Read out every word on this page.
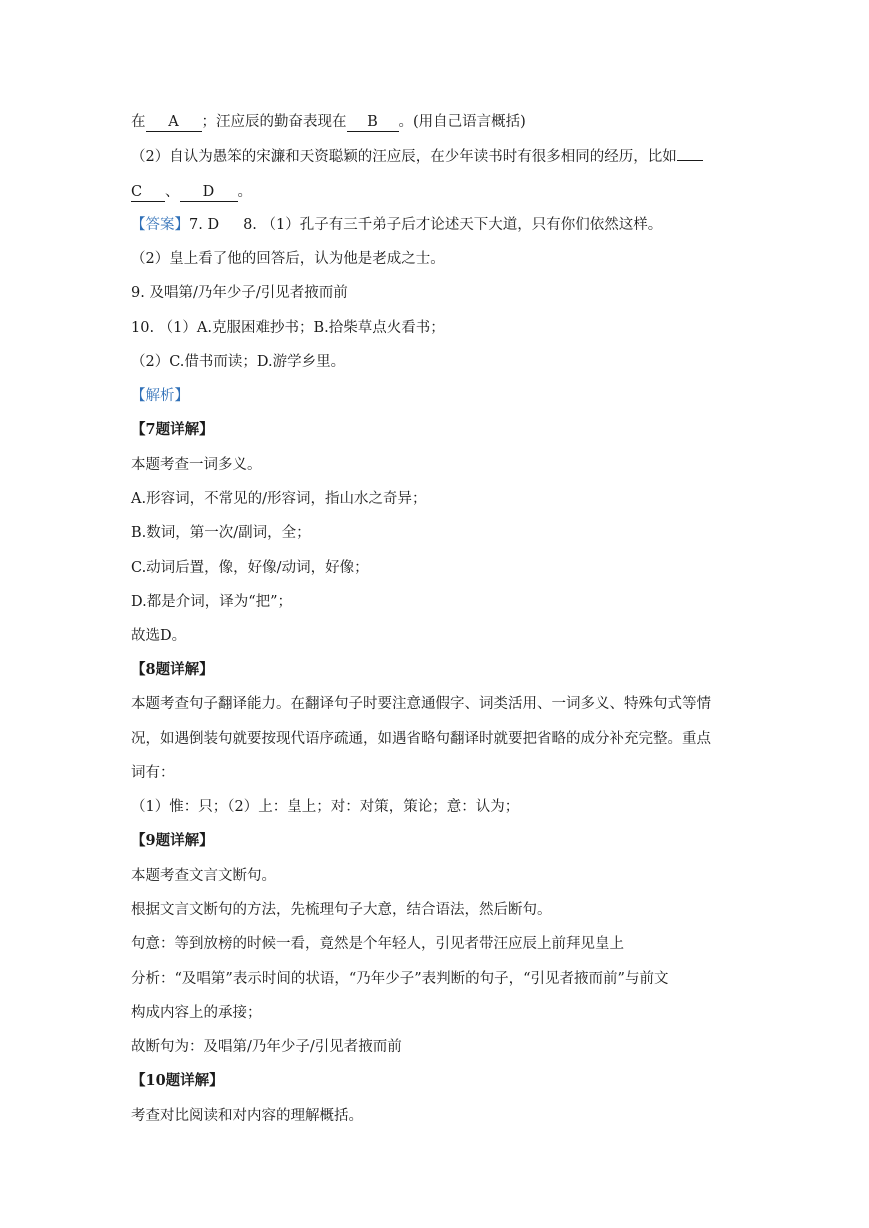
在 A ；汪应辰的勤奋表现在 B 。(用自己语言概括)
（2）自认为愚笨的宋濂和天资聪颖的汪应辰，在少年读书时有很多相同的经历，比如
C 、 D 。
【答案】7. D 8. （1）孔子有三千弟子后才论述天下大道，只有你们依然这样。
（2）皇上看了他的回答后，认为他是老成之士。
9. 及唱第/乃年少子/引见者掖而前
10. （1）A.克服困难抄书；B.拾柴草点火看书；
（2）C.借书而读；D.游学乡里。
【解析】
【7题详解】
本题考查一词多义。
A.形容词，不常见的/形容词，指山水之奇异；
B.数词，第一次/副词，全；
C.动词后置，像，好像/动词，好像；
D.都是介词，译为“把”；
故选D。
【8题详解】
本题考查句子翻译能力。在翻译句子时要注意通假字、词类活用、一词多义、特殊句式等情
况，如遇倒装句就要按现代语序疏通，如遇省略句翻译时就要把省略的成分补充完整。重点
词有：
（1）惟：只；（2）上：皇上；对：对策，策论；意：认为；
【9题详解】
本题考查文言文断句。
根据文言文断句的方法，先梳理句子大意，结合语法，然后断句。
句意：等到放榜的时候一看，竟然是个年轻人，引见者带汪应辰上前拜见皇上
分析：“及唱第”表示时间的状语，“乃年少子”表判断的句子，“引见者掖而前”与前文
构成内容上的承接；
故断句为：及唱第/乃年少子/引见者掖而前
【10题详解】
考查对比阅读和对内容的理解概括。
